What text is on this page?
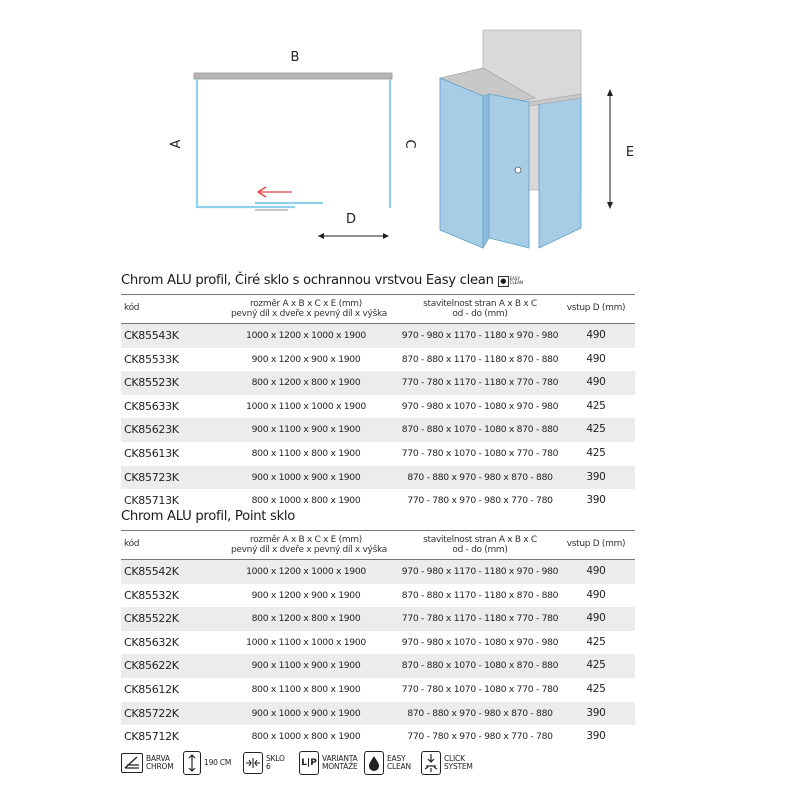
B
A	C
D
E
Chrom ALU profil, Čiré sklo s ochrannou vrstvou Easy clean ● EASY
CLEAN
kód	rozměr A x B x C x E (mm)
pevný díl x dveře x pevný díl x výška
stavitelnost stran A x B x C
od - do (mm)
vstup D (mm)
CK85543K	1000 x 1200 x 1000 x 1900	970 - 980 x 1170 - 1180 x 970 - 980	490
CK85533K	900 x 1200 x 900 x 1900	870 - 880 x 1170 - 1180 x 870 - 880	490
CK85523K	800 x 1200 x 800 x 1900	770 - 780 x 1170 - 1180 x 770 - 780	490
CK85633K	1000 x 1100 x 1000 x 1900	970 - 980 x 1070 - 1080 x 970 - 980	425
CK85623K	900 x 1100 x 900 x 1900	870 - 880 x 1070 - 1080 x 870 - 880	425
CK85613K	800 x 1100 x 800 x 1900	770 - 780 x 1070 - 1080 x 770 - 780	425
CK85723K	900 x 1000 x 900 x 1900	870 - 880 x 970 - 980 x 870 - 880	390
CK85713K	800 x 1000 x 800 x 1900	770 - 780 x 970 - 980 x 770 - 780	390
Chrom ALU profil, Point sklo
kód	rozměr A x B x C x E (mm)
pevný díl x dveře x pevný díl x výška
stavitelnost stran A x B x C
od - do (mm)
vstup D (mm)
CK85542K	1000 x 1200 x 1000 x 1900	970 - 980 x 1170 - 1180 x 970 - 980	490
CK85532K	900 x 1200 x 900 x 1900	870 - 880 x 1170 - 1180 x 870 - 880	490
CK85522K	800 x 1200 x 800 x 1900	770 - 780 x 1170 - 1180 x 770 - 780	490
CK85632K	1000 x 1100 x 1000 x 1900	970 - 980 x 1070 - 1080 x 970 - 980	425
CK85622K	900 x 1100 x 900 x 1900	870 - 880 x 1070 - 1080 x 870 - 880	425
CK85612K	800 x 1100 x 800 x 1900	770 - 780 x 1070 - 1080 x 770 - 780	425
CK85722K	900 x 1000 x 900 x 1900	870 - 880 x 970 - 980 x 870 - 880	390
CK85712K	800 x 1000 x 800 x 1900	770 - 780 x 970 - 980 x 770 - 780	390
BARVA
CHROM	190 CM	SKLO
6	L|P VARIANTA
MONTÁŽE
EASY
CLEAN
CLICK
SYSTEM
